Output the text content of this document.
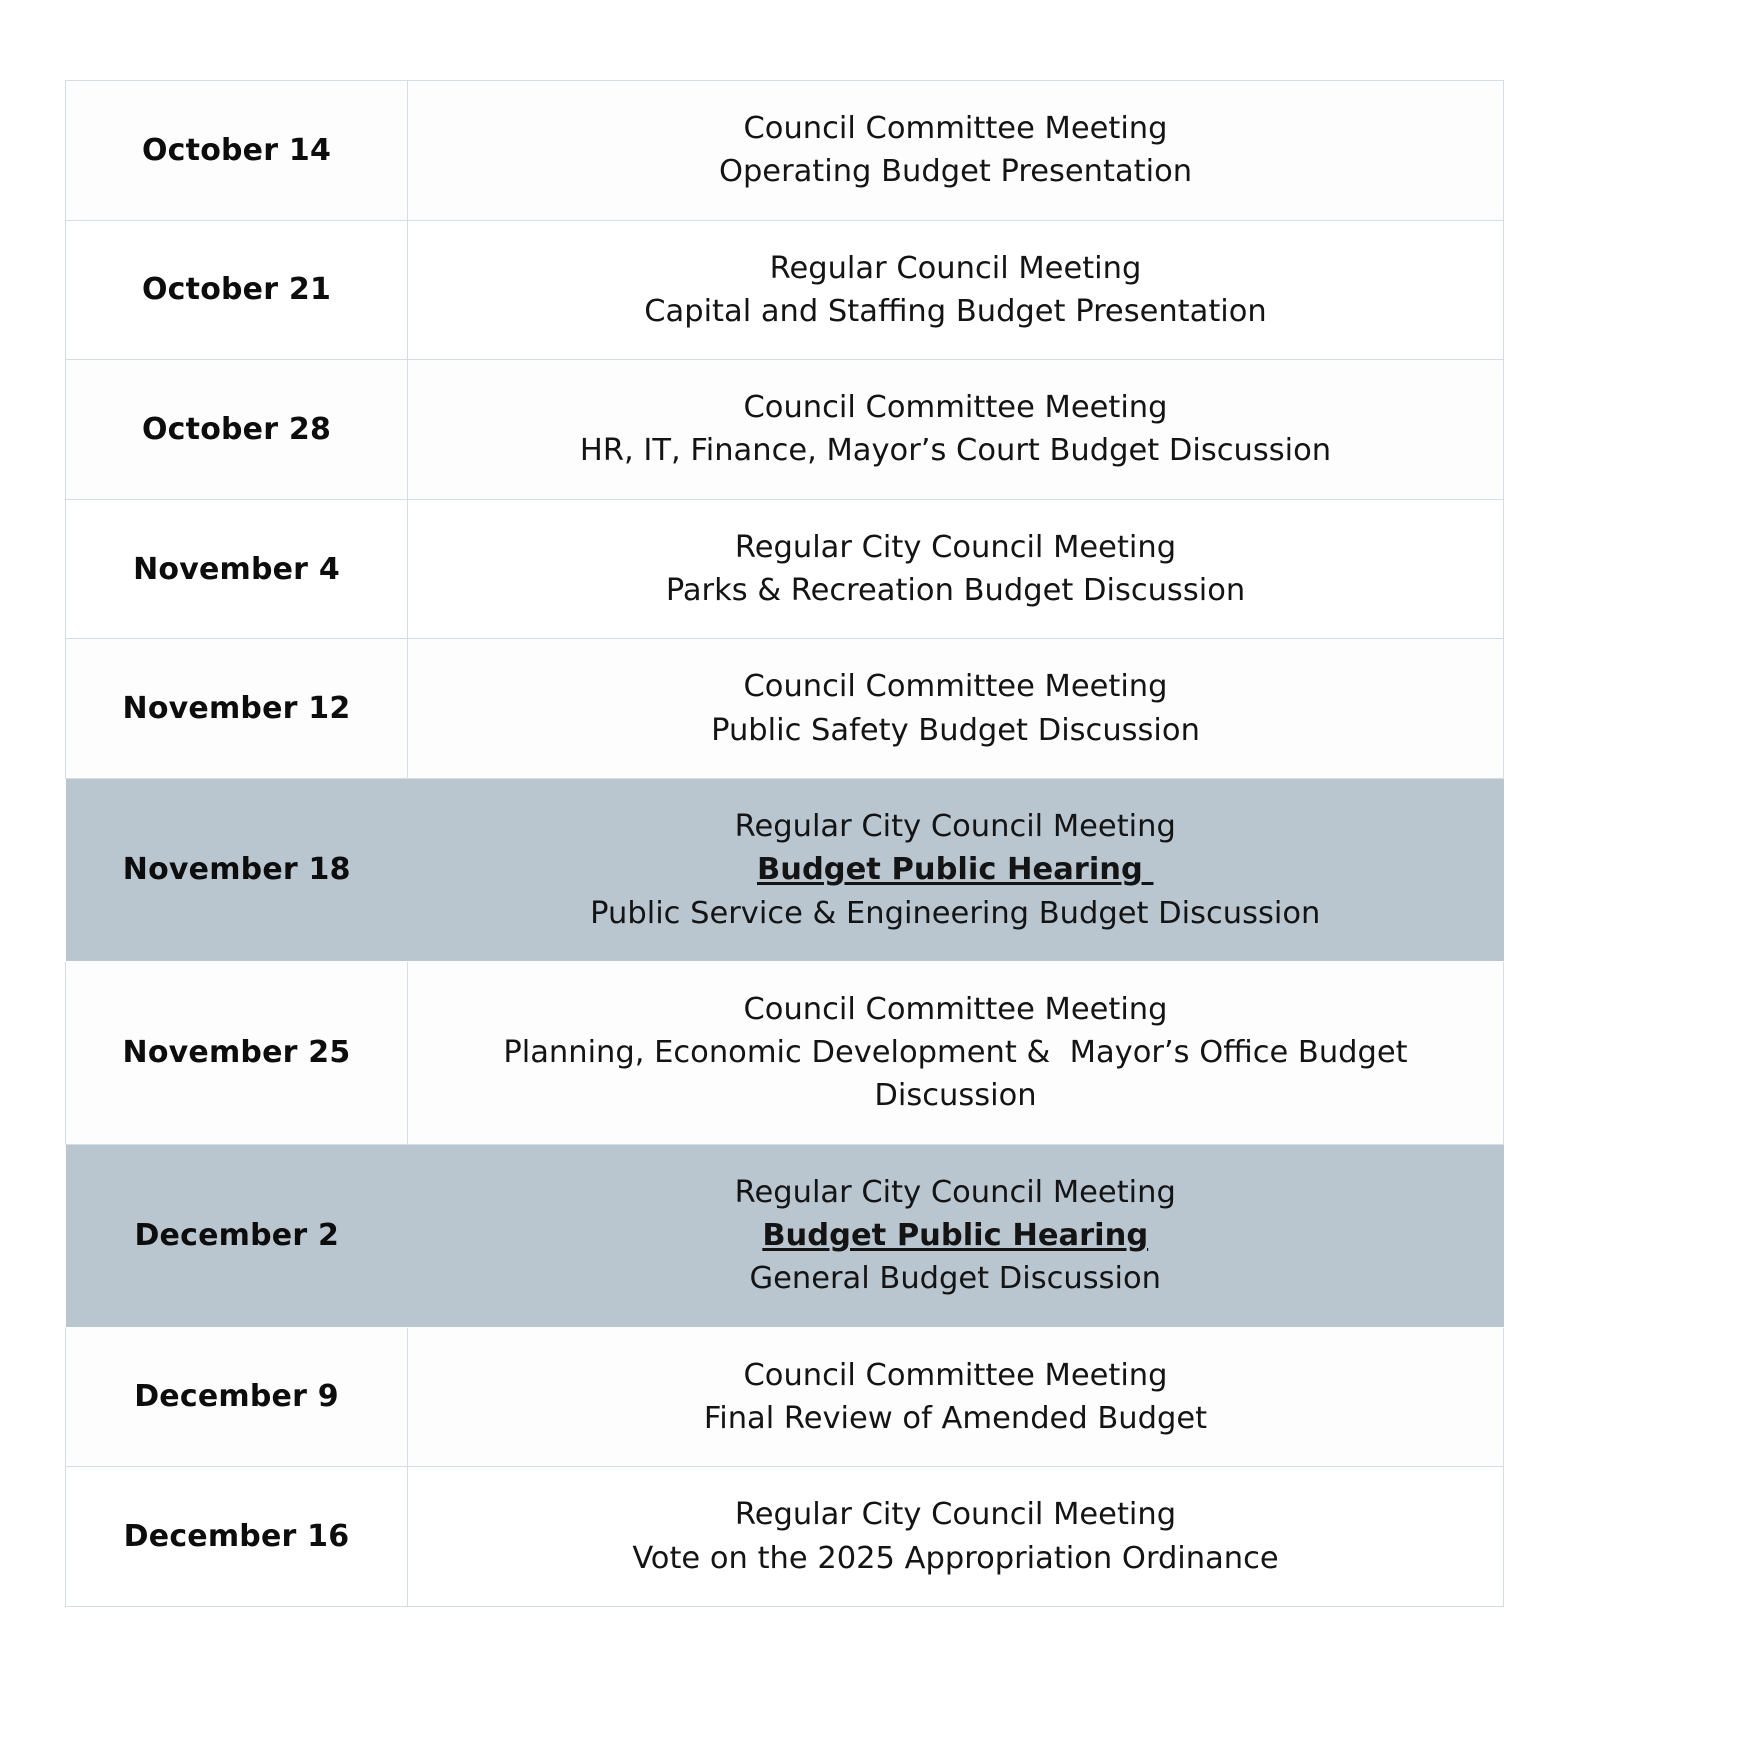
October 14	Council Committee Meeting
Operating Budget Presentation

October 21	Regular Council Meeting
Capital and Staffing Budget Presentation

October 28	Council Committee Meeting
HR, IT, Finance, Mayor’s Court Budget Discussion

November 4	Regular City Council Meeting
Parks & Recreation Budget Discussion

November 12	Council Committee Meeting
Public Safety Budget Discussion

November 18	Regular City Council Meeting
Budget Public Hearing
Public Service & Engineering Budget Discussion

November 25	Council Committee Meeting
Planning, Economic Development &  Mayor’s Office Budget Discussion

December 2	Regular City Council Meeting
Budget Public Hearing
General Budget Discussion

December 9	Council Committee Meeting
Final Review of Amended Budget

December 16	Regular City Council Meeting
Vote on the 2025 Appropriation Ordinance
